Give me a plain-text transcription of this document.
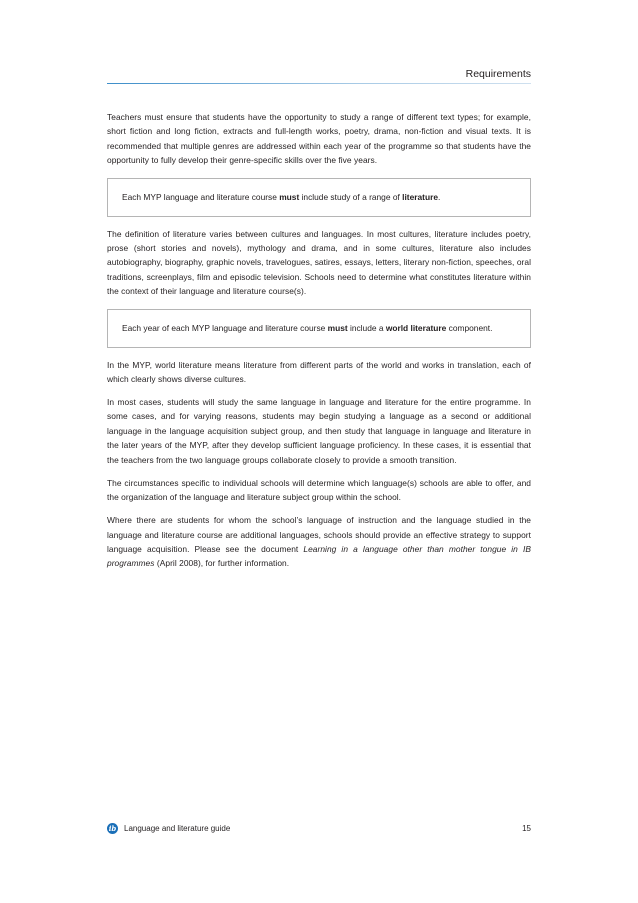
Requirements

Teachers must ensure that students have the opportunity to study a range of different text types; for example, short fiction and long fiction, extracts and full-length works, poetry, drama, non-fiction and visual texts. It is recommended that multiple genres are addressed within each year of the programme so that students have the opportunity to fully develop their genre-specific skills over the five years.

Each MYP language and literature course must include study of a range of literature.

The definition of literature varies between cultures and languages. In most cultures, literature includes poetry, prose (short stories and novels), mythology and drama, and in some cultures, literature also includes autobiography, biography, graphic novels, travelogues, satires, essays, letters, literary non-fiction, speeches, oral traditions, screenplays, film and episodic television. Schools need to determine what constitutes literature within the context of their language and literature course(s).

Each year of each MYP language and literature course must include a world literature component.

In the MYP, world literature means literature from different parts of the world and works in translation, each of which clearly shows diverse cultures.

In most cases, students will study the same language in language and literature for the entire programme. In some cases, and for varying reasons, students may begin studying a language as a second or additional language in the language acquisition subject group, and then study that language in language and literature in the later years of the MYP, after they develop sufficient language proficiency. In these cases, it is essential that the teachers from the two language groups collaborate closely to provide a smooth transition.

The circumstances specific to individual schools will determine which language(s) schools are able to offer, and the organization of the language and literature subject group within the school.

Where there are students for whom the school’s language of instruction and the language studied in the language and literature course are additional languages, schools should provide an effective strategy to support language acquisition. Please see the document Learning in a language other than mother tongue in IB programmes (April 2008), for further information.

ib Language and literature guide	15
